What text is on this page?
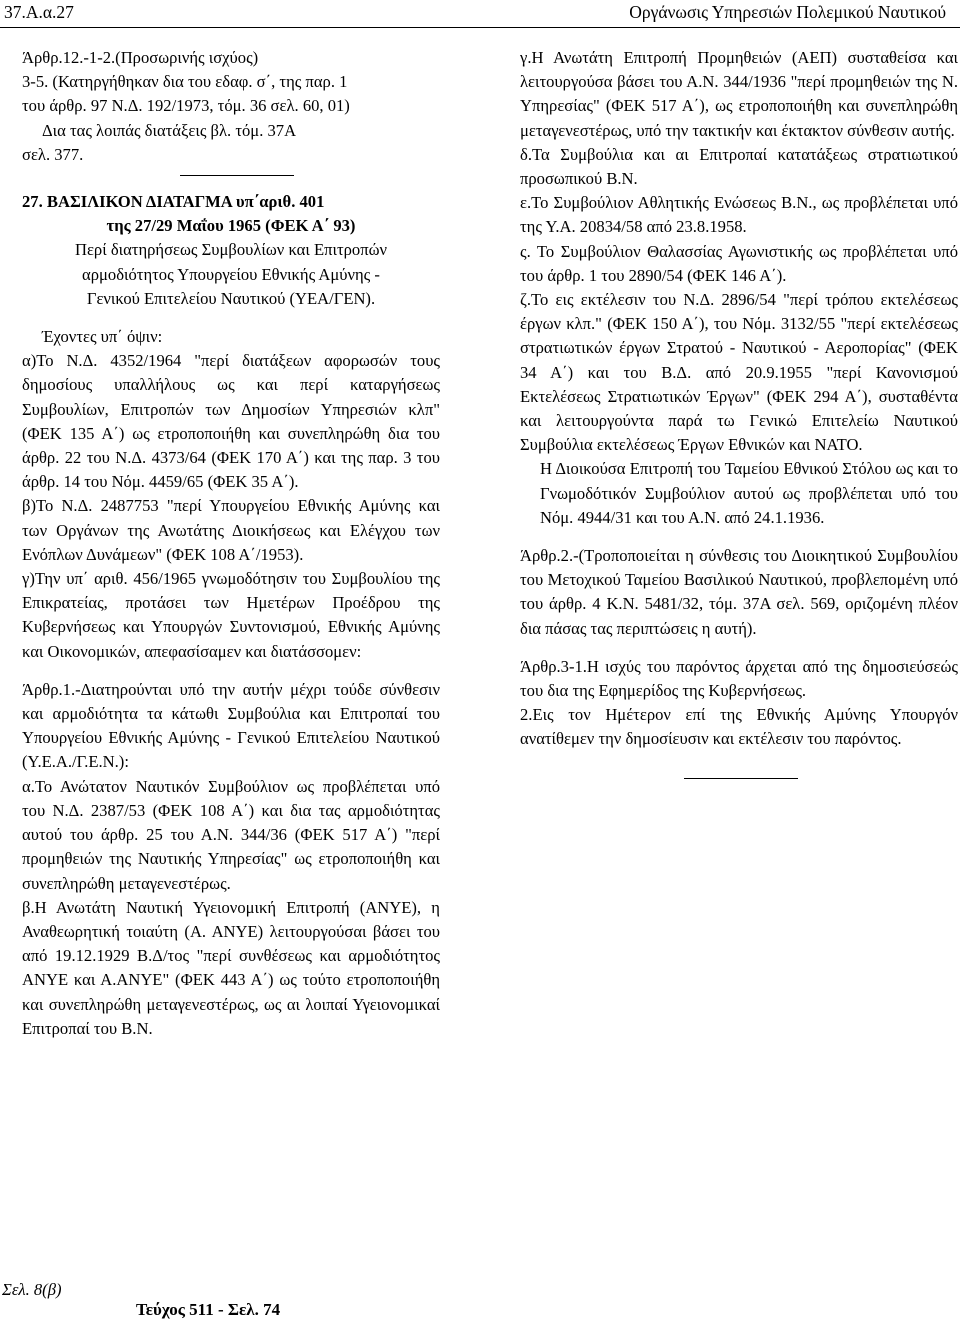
37.Α.α.27	Οργάνωσις Υπηρεσιών Πολεμικού Ναυτικού

Άρθρ.12.-1-2.(Προσωρινής ισχύος)

3-5. (Κατηργήθηκαν δια του εδαφ. σ΄, της παρ. 1

του άρθρ. 97 Ν.Δ. 192/1973, τόμ. 36 σελ. 60, 01)

Δια τας λοιπάς διατάξεις βλ. τόμ. 37Α

σελ. 377.

27. ΒΑΣΙΛΙΚΟΝ ΔΙΑΤΑΓΜΑ υπ΄αριθ. 401

της 27/29 Μαΐου 1965 (ΦΕΚ Α΄ 93)

Περί διατηρήσεως Συμβουλίων και Επιτροπών

αρμοδιότητος Υπουργείου Εθνικής Αμύνης -

Γενικού Επιτελείου Ναυτικού (ΥΕΑ/ΓΕΝ).

Έχοντες υπ΄ όψιν:

α)Το Ν.Δ. 4352/1964 "περί διατάξεων αφορωσών τους δημοσίους υπαλλήλους ως και περί καταργήσεως Συμβουλίων, Επιτροπών των Δημοσίων Υπηρεσιών κλπ" (ΦΕΚ 135 Α΄) ως ετροποποιήθη και συνεπληρώθη δια του άρθρ. 22 του Ν.Δ. 4373/64 (ΦΕΚ 170 Α΄) και της παρ. 3 του άρθρ. 14 του Νόμ. 4459/65 (ΦΕΚ 35 Α΄).

β)Το Ν.Δ. 2487753 "περί Υπουργείου Εθνικής Αμύνης και των Οργάνων της Ανωτάτης Διοικήσεως και Ελέγχου των Ενόπλων Δυνάμεων" (ΦΕΚ 108 Α΄/1953).

γ)Την υπ΄ αριθ. 456/1965 γνωμοδότησιν του Συμβουλίου της Επικρατείας, προτάσει των Ημετέρων Προέδρου της Κυβερνήσεως και Υπουργών Συντονισμού, Εθνικής Αμύνης και Οικονομικών, απεφασίσαμεν και διατάσσομεν:

Άρθρ.1.-Διατηρούνται υπό την αυτήν μέχρι τούδε σύνθεσιν και αρμοδιότητα τα κάτωθι Συμβούλια και Επιτροπαί του Υπουργείου Εθνικής Αμύνης - Γενικού Επιτελείου Ναυτικού (Υ.Ε.Α./Γ.Ε.Ν.):

α.Το Ανώτατον Ναυτικόν Συμβούλιον ως προβλέπεται υπό του Ν.Δ. 2387/53 (ΦΕΚ 108 Α΄) και δια τας αρμοδιότητας αυτού του άρθρ. 25 του Α.Ν. 344/36 (ΦΕΚ 517 Α΄) "περί προμηθειών της Ναυτικής Υπηρεσίας" ως ετροποποιήθη και συνεπληρώθη μεταγενεστέρως.

β.Η Ανωτάτη Ναυτική Υγειονομική Επιτροπή (ΑΝΥΕ), η Αναθεωρητική τοιαύτη (Α. ΑΝΥΕ) λειτουργούσαι βάσει του από 19.12.1929 Β.Δ/τος "περί συνθέσεως και αρμοδιότητος ΑΝΥΕ και Α.ΑΝΥΕ" (ΦΕΚ 443 Α΄) ως τούτο ετροποποιήθη και συνεπληρώθη μεταγενεστέρως, ως αι λοιπαί Υγειονομικαί Επιτροπαί του Β.Ν.

γ.Η Ανωτάτη Επιτροπή Προμηθειών (ΑΕΠ) συσταθείσα και λειτουργούσα βάσει του Α.Ν. 344/1936 "περί προμηθειών της Ν. Υπηρεσίας" (ΦΕΚ 517 Α΄), ως ετροποποιήθη και συνεπληρώθη μεταγενεστέρως, υπό την τακτικήν και έκτακτον σύνθεσιν αυτής.

δ.Τα Συμβούλια και αι Επιτροπαί κατατάξεως στρατιωτικού προσωπικού Β.Ν.

ε.Το Συμβούλιον Αθλητικής Ενώσεως Β.Ν., ως προβλέπεται υπό της Υ.Α. 20834/58 από 23.8.1958.

ς. Το Συμβούλιον Θαλασσίας Αγωνιστικής ως προβλέπεται υπό του άρθρ. 1 του 2890/54 (ΦΕΚ 146 Α΄).

ζ.Το εις εκτέλεσιν του Ν.Δ. 2896/54 "περί τρόπου εκτελέσεως έργων κλπ." (ΦΕΚ 150 Α΄), του Νόμ. 3132/55 "περί εκτελέσεως στρατιωτικών έργων Στρατού - Ναυτικού - Αεροπορίας" (ΦΕΚ 34 Α΄) και του Β.Δ. από 20.9.1955 "περί Κανονισμού Εκτελέσεως Στρατιωτικών Έργων" (ΦΕΚ 294 Α΄), συσταθέντα και λειτουργούντα παρά τω Γενικώ Επιτελείω Ναυτικού Συμβούλια εκτελέσεως Έργων Εθνικών και ΝΑΤΟ.

Η Διοικούσα Επιτροπή του Ταμείου Εθνικού Στόλου ως και το Γνωμοδότικόν Συμβούλιον αυτού ως προβλέπεται υπό του Νόμ. 4944/31 και του Α.Ν. από 24.1.1936.

Άρθρ.2.-(Τροποποιείται η σύνθεσις του Διοικητικού Συμβουλίου του Μετοχικού Ταμείου Βασιλικού Ναυτικού, προβλεπομένη υπό του άρθρ. 4 Κ.Ν. 5481/32, τόμ. 37Α σελ. 569, οριζομένη πλέον δια πάσας τας περιπτώσεις η αυτή).

Άρθρ.3-1.Η ισχύς του παρόντος άρχεται από της δημοσιεύσεώς του δια της Εφημερίδος της Κυβερνήσεως.

2.Εις τον Ημέτερον επί της Εθνικής Αμύνης Υπουργόν ανατίθεμεν την δημοσίευσιν και εκτέλεσιν του παρόντος.

Σελ. 8(β)
Τεύχος 511 - Σελ. 74
